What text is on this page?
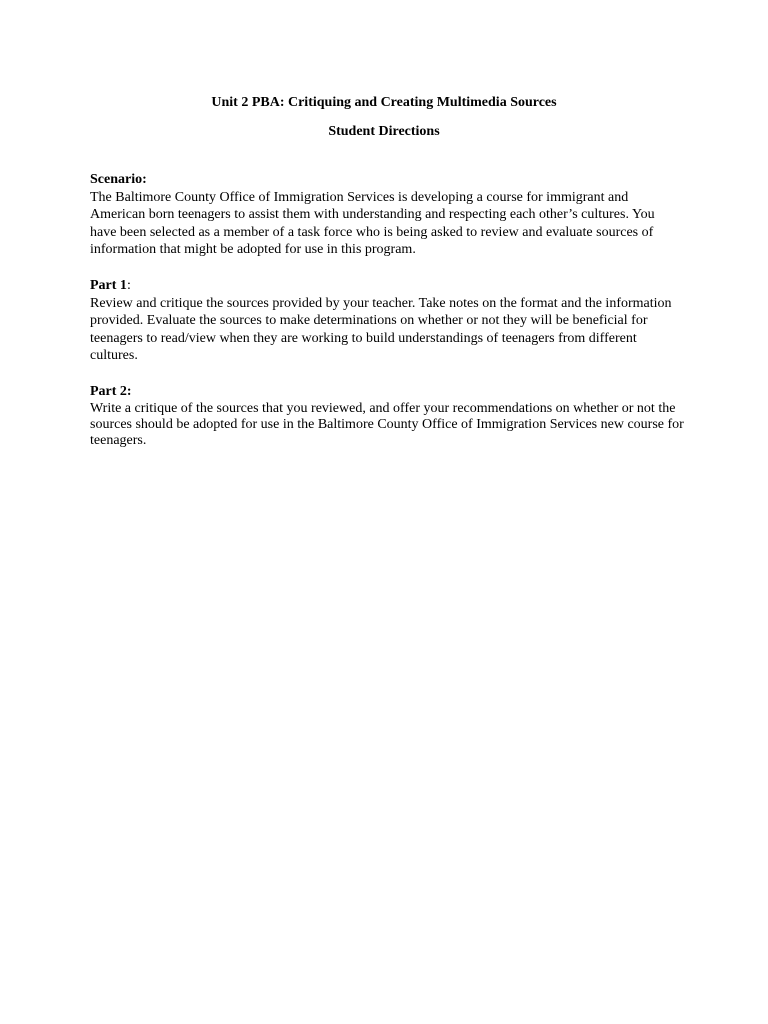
Unit 2 PBA: Critiquing and Creating Multimedia Sources
Student Directions
Scenario:
The Baltimore County Office of Immigration Services is developing a course for immigrant and
American born teenagers to assist them with understanding and respecting each other’s cultures. You
have been selected as a member of a task force who is being asked to review and evaluate sources of
information that might be adopted for use in this program.
Part 1:
Review and critique the sources provided by your teacher. Take notes on the format and the information
provided. Evaluate the sources to make determinations on whether or not they will be beneficial for
teenagers to read/view when they are working to build understandings of teenagers from different
cultures.
Part 2:
Write a critique of the sources that you reviewed, and offer your recommendations on whether or not the
sources should be adopted for use in the Baltimore County Office of Immigration Services new course for
teenagers.
